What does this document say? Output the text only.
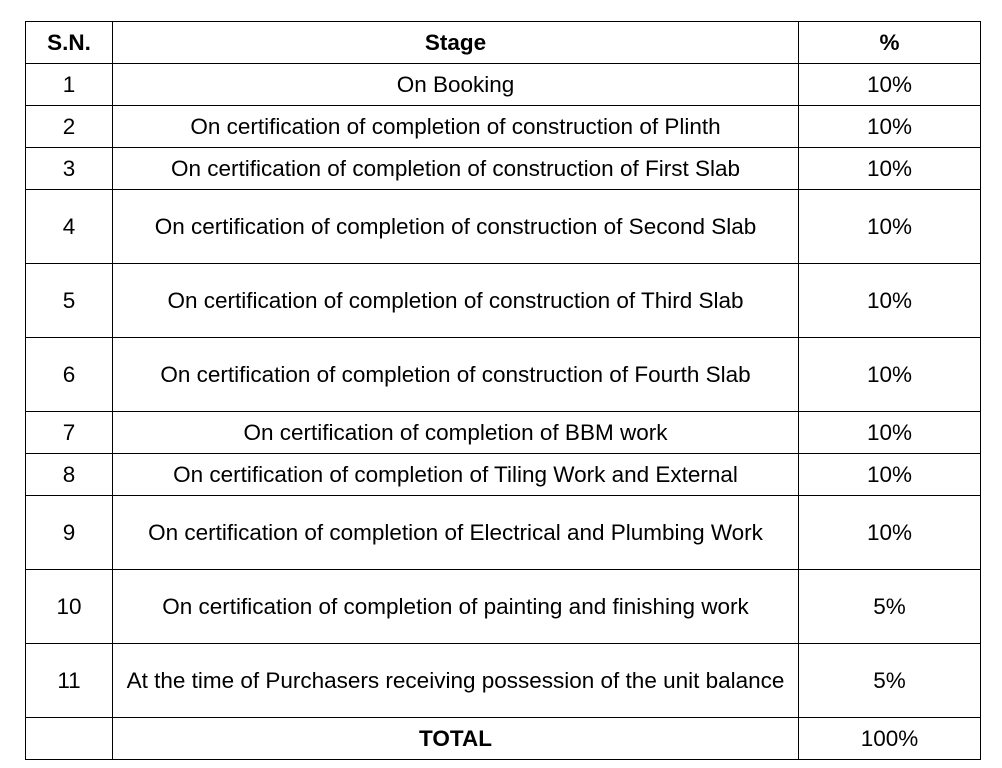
S.N.	Stage	%
1	On Booking	10%
2	On certification of completion of construction of Plinth	10%
3	On certification of completion of construction of First Slab	10%
4	On certification of completion of construction of Second Slab	10%
5	On certification of completion of construction of Third Slab	10%
6	On certification of completion of construction of Fourth Slab	10%
7	On certification of completion of BBM work	10%
8	On certification of completion of Tiling Work and External	10%
9	On certification of completion of Electrical and Plumbing Work	10%
10	On certification of completion of painting and finishing work	5%
11	At the time of Purchasers receiving possession of the unit balance	5%
	TOTAL	100%
